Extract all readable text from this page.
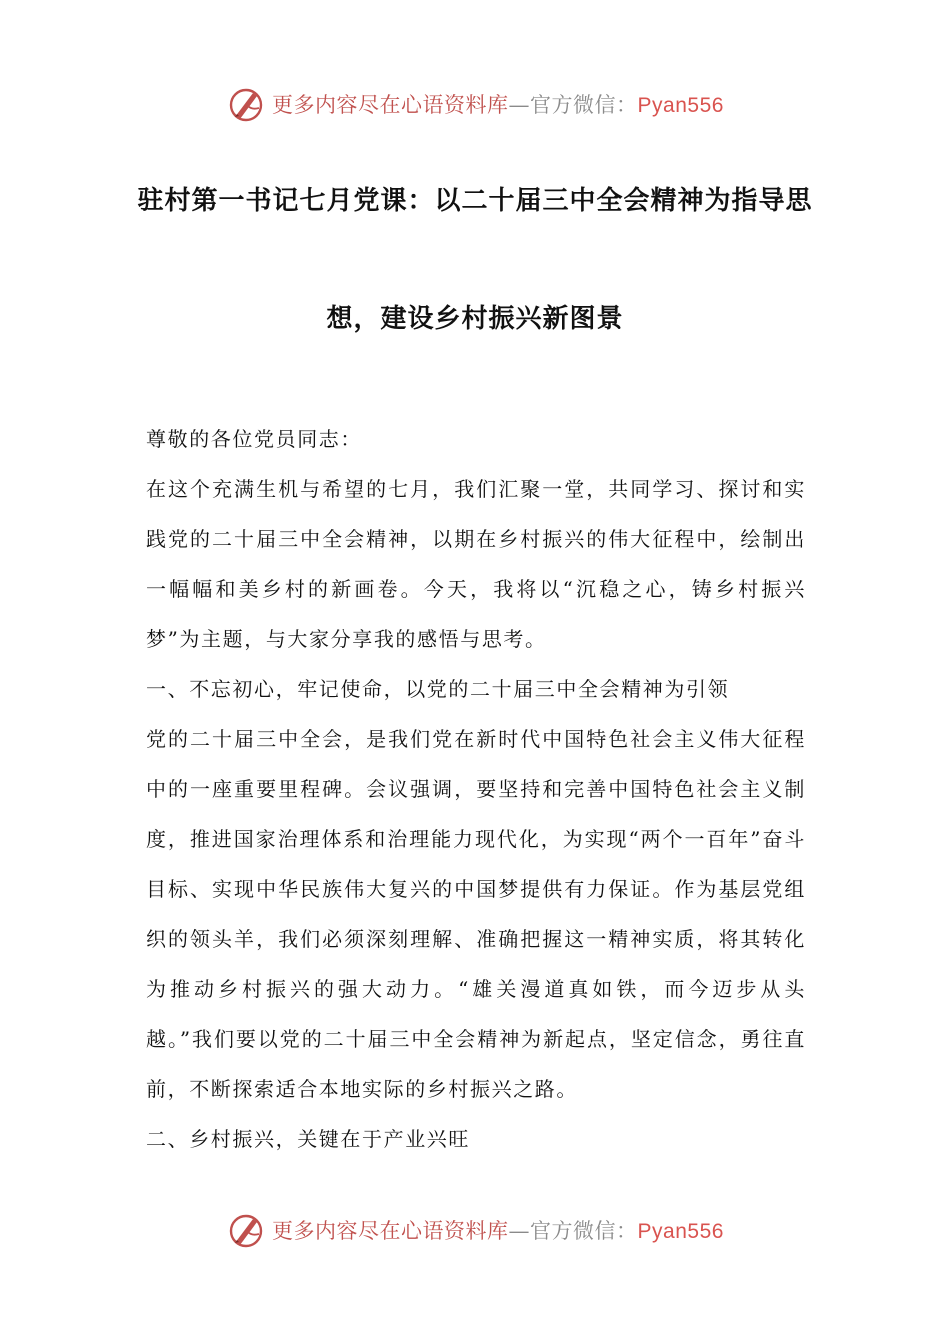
更多内容尽在心语资料库—官方微信：Pyan556
驻村第一书记七月党课：以二十届三中全会精神为指导思
想，建设乡村振兴新图景

尊敬的各位党员同志：

在这个充满生机与希望的七月，我们汇聚一堂，共同学习、探讨和实践党的二十届三中全会精神，以期在乡村振兴的伟大征程中，绘制出一幅幅和美乡村的新画卷。今天，我将以“沉稳之心，铸乡村振兴梦”为主题，与大家分享我的感悟与思考。

一、不忘初心，牢记使命，以党的二十届三中全会精神为引领

党的二十届三中全会，是我们党在新时代中国特色社会主义伟大征程中的一座重要里程碑。会议强调，要坚持和完善中国特色社会主义制度，推进国家治理体系和治理能力现代化，为实现“两个一百年”奋斗目标、实现中华民族伟大复兴的中国梦提供有力保证。作为基层党组织的领头羊，我们必须深刻理解、准确把握这一精神实质，将其转化为推动乡村振兴的强大动力。“雄关漫道真如铁，而今迈步从头越。”我们要以党的二十届三中全会精神为新起点，坚定信念，勇往直前，不断探索适合本地实际的乡村振兴之路。

二、乡村振兴，关键在于产业兴旺

更多内容尽在心语资料库—官方微信：Pyan556
